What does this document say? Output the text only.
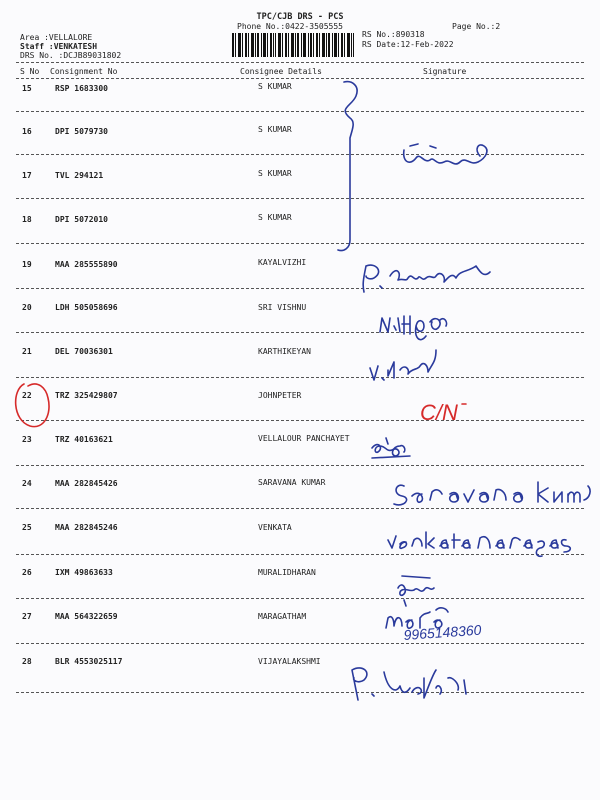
TPC/CJB DRS - PCS
Phone No.:0422-3505555	Page No.:2
Area :VELLALORE
Staff :VENKATESH
DRS No. :DCJB89031802
RS No.:890318
RS Date:12-Feb-2022
S No Consignment No	Consignee Details	Signature
15	RSP 1683300	S KUMAR
16	DPI 5079730	S KUMAR
17	TVL 294121	S KUMAR
18	DPI 5072010	S KUMAR
19	MAA 285555890	KAYALVIZHI
20	LDH 505058696	SRI VISHNU
21	DEL 70036301	KARTHIKEYAN
22	TRZ 325429807	JOHNPETER
23	TRZ 40163621	VELLALOUR PANCHAYET
24	MAA 282845426	SARAVANA KUMAR
25	MAA 282845246	VENKATA
26	IXM 49863633	MURALIDHARAN
27	MAA 564322659	MARAGATHAM
28	BLR 4553025117	VIJAYALAKSHMI
C/N
9965148360
